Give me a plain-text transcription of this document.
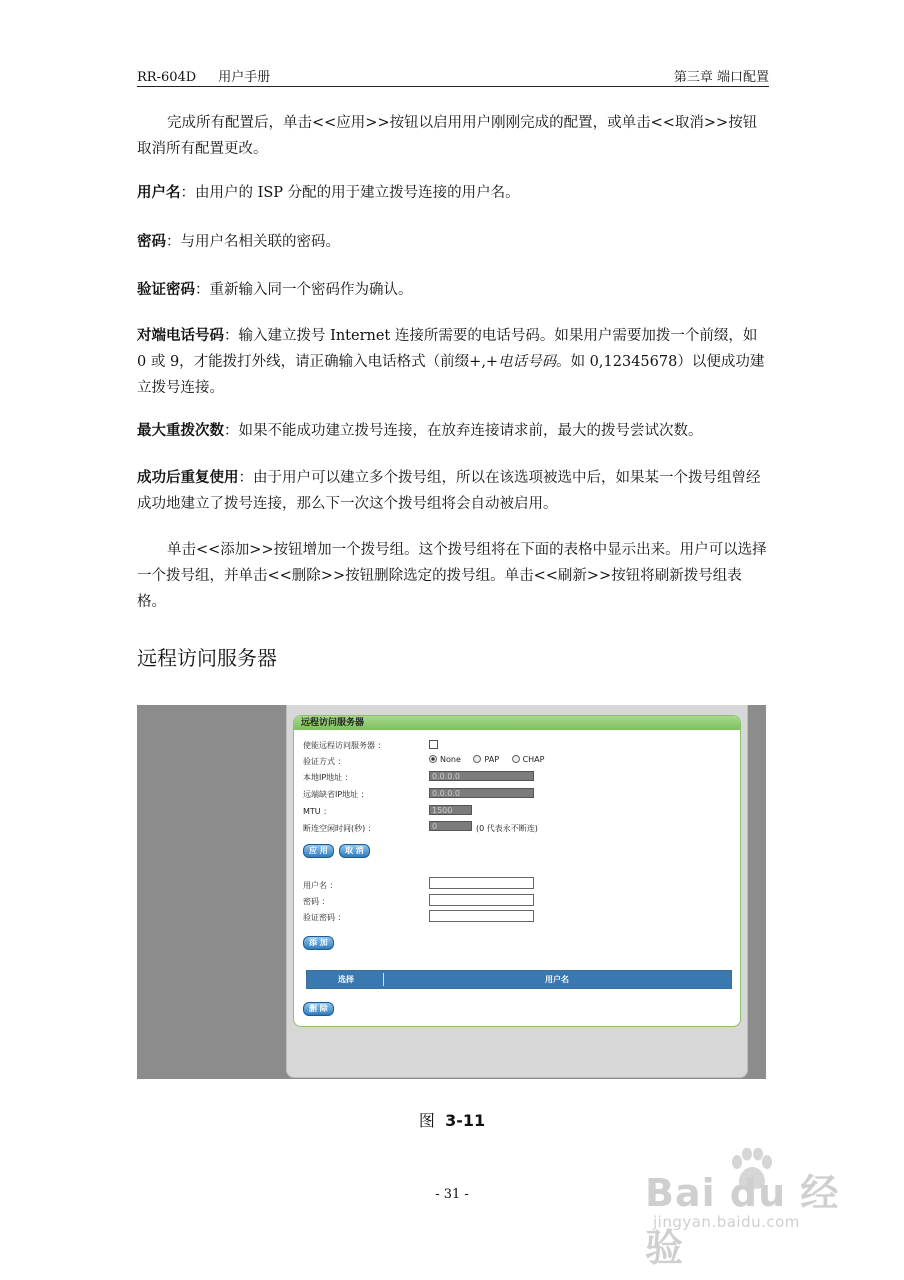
RR-604D 用户手册	第三章 端口配置
完成所有配置后，单击<<应用>>按钮以启用用户刚刚完成的配置，或单击<<取消>>按钮取消所有配置更改。
用户名：由用户的 ISP 分配的用于建立拨号连接的用户名。
密码：与用户名相关联的密码。
验证密码：重新输入同一个密码作为确认。
对端电话号码：输入建立拨号 Internet 连接所需要的电话号码。如果用户需要加拨一个前缀，如 0 或 9，才能拨打外线，请正确输入电话格式（前缀+,+电话号码。如 0,12345678）以便成功建立拨号连接。
最大重拨次数：如果不能成功建立拨号连接，在放弃连接请求前，最大的拨号尝试次数。
成功后重复使用：由于用户可以建立多个拨号组，所以在该选项被选中后，如果某一个拨号组曾经成功地建立了拨号连接，那么下一次这个拨号组将会自动被启用。
单击<<添加>>按钮增加一个拨号组。这个拨号组将在下面的表格中显示出来。用户可以选择一个拨号组，并单击<<删除>>按钮删除选定的拨号组。单击<<刷新>>按钮将刷新拨号组表格。
远程访问服务器
远程访问服务器
使能远程访问服务器 ：
验证方式 ：	None	PAP	CHAP
本地IP地址 ：	0.0.0.0
远端缺省IP地址 ：	0.0.0.0
MTU ：	1500
断连空闲时间(秒) ：	0	(0 代表永不断连)
应 用	取 消
用户名 ：
密码 ：
验证密码 ：
添 加
选择	用户名
删 除
图 3-11
- 31 -	Bai du 经验
jingyan.baidu.com
